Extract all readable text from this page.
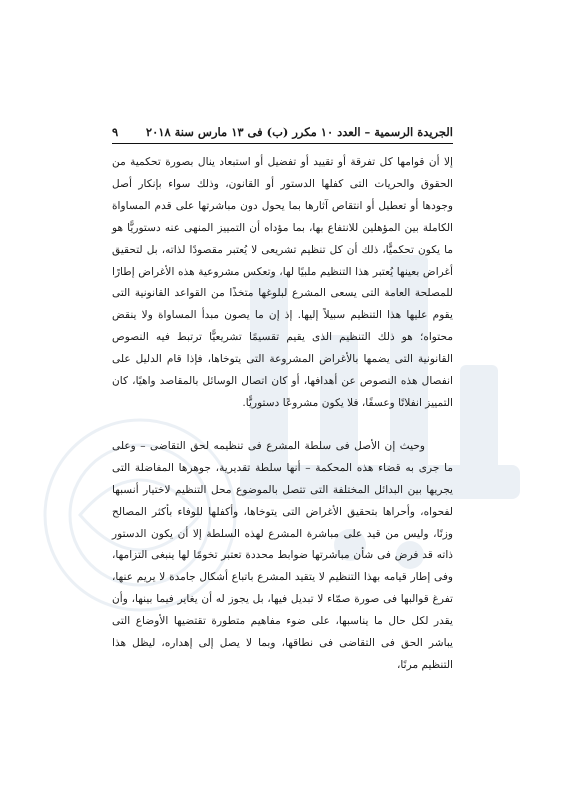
الجريدة الرسمية – العدد ١٠ مكرر (ب) فى ١٣ مارس سنة ٢٠١٨
٩

إلا أن قوامها كل تفرقة أو تقييد أو تفضيل أو استبعاد ينال بصورة تحكمية من الحقوق والحريات التى كفلها الدستور أو القانون، وذلك سواء بإنكار أصل وجودها أو تعطيل أو انتقاص آثارها بما يحول دون مباشرتها على قدم المساواة الكاملة بين المؤهلين للانتفاع بها، بما مؤداه أن التمييز المنهى عنه دستوريًّا هو ما يكون تحكميًّا، ذلك أن كل تنظيم تشريعى لا يُعتبر مقصودًا لذاته، بل لتحقيق أغراض بعينها يُعتبر هذا التنظيم ملبيًا لها، وتعكس مشروعية هذه الأغراض إطارًا للمصلحة العامة التى يسعى المشرع لبلوغها متخذًا من القواعد القانونية التى يقوم عليها هذا التنظيم سبيلاً إليها. إذ إن ما يصون مبدأ المساواة ولا ينقض محتواه؛ هو ذلك التنظيم الذى يقيم تقسيمًا تشريعيًّا ترتبط فيه النصوص القانونية التى يضمها بالأغراض المشروعة التى يتوخاها، فإذا قام الدليل على انفصال هذه النصوص عن أهدافها، أو كان اتصال الوسائل بالمقاصد واهيًا، كان التمييز انفلاتًا وعسفًا، فلا يكون مشروعًا دستوريًّا.

وحيث إن الأصل فى سلطة المشرع فى تنظيمه لحق التقاضى – وعلى ما جرى به قضاء هذه المحكمة – أنها سلطة تقديرية، جوهرها المفاضلة التى يجريها بين البدائل المختلفة التى تتصل بالموضوع محل التنظيم لاختيار أنسبها لفحواه، وأحراها بتحقيق الأغراض التى يتوخاها، وأكفلها للوفاء بأكثر المصالح وزنًا، وليس من قيد على مباشرة المشرع لهذه السلطة إلا أن يكون الدستور ذاته قد فرض فى شأن مباشرتها ضوابط محددة تعتبر تخومًا لها ينبغى التزامها، وفى إطار قيامه بهذا التنظيم لا يتقيد المشرع باتباع أشكال جامدة لا يريم عنها، تفرغ قوالبها فى صورة صمّاء لا تبديل فيها، بل يجوز له أن يغاير فيما بينها، وأن يقدر لكل حال ما يناسبها، على ضوء مفاهيم متطورة تقتضيها الأوضاع التى يباشر الحق فى التقاضى فى نطاقها، وبما لا يصل إلى إهداره، ليظل هذا التنظيم مرنًا،
